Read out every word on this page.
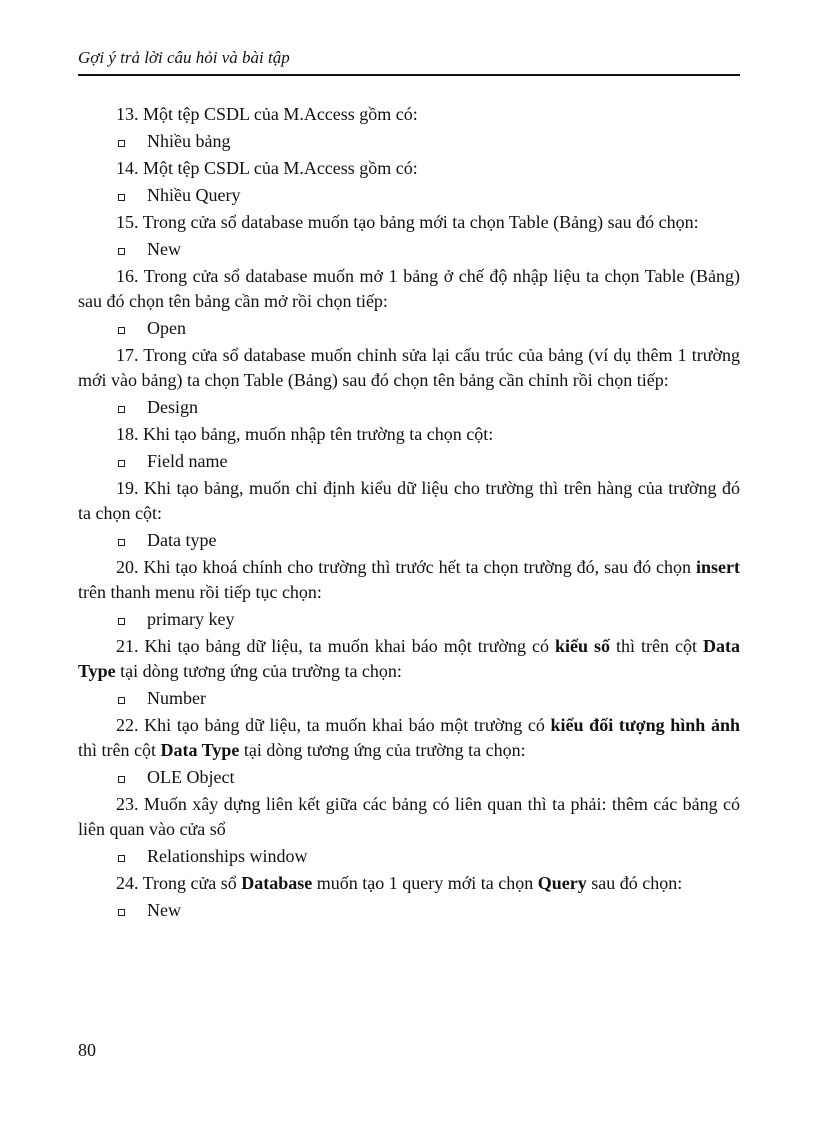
Gợi ý trả lời câu hỏi và bài tập

13. Một tệp CSDL của M.Access gồm có:

Nhiều bảng

14. Một tệp CSDL của M.Access gồm có:

Nhiều Query

15. Trong cửa sổ database muốn tạo bảng mới ta chọn Table (Bảng) sau đó chọn:

New

16. Trong cửa sổ database muốn mở 1 bảng ở chế độ nhập liệu ta chọn Table (Bảng) sau đó chọn tên bảng cần mở rồi chọn tiếp:

Open

17. Trong cửa sổ database muốn chỉnh sửa lại cấu trúc của bảng (ví dụ thêm 1 trường mới vào bảng) ta chọn Table (Bảng) sau đó chọn tên bảng cần chỉnh rồi chọn tiếp:

Design

18. Khi tạo bảng, muốn nhập tên trường ta chọn cột:

Field name

19. Khi tạo bảng, muốn chỉ định kiểu dữ liệu cho trường thì trên hàng của trường đó ta chọn cột:

Data type

20. Khi tạo khoá chính cho trường thì trước hết ta chọn trường đó, sau đó chọn insert trên thanh menu rồi tiếp tục chọn:

primary key

21. Khi tạo bảng dữ liệu, ta muốn khai báo một trường có kiểu số thì trên cột Data Type tại dòng tương ứng của trường ta chọn:

Number

22. Khi tạo bảng dữ liệu, ta muốn khai báo một trường có kiểu đối tượng hình ảnh thì trên cột Data Type tại dòng tương ứng của trường ta chọn:

OLE Object

23. Muốn xây dựng liên kết giữa các bảng có liên quan thì ta phải: thêm các bảng có liên quan vào cửa sổ

Relationships window

24. Trong cửa sổ Database muốn tạo 1 query mới ta chọn Query sau đó chọn:

New

80
